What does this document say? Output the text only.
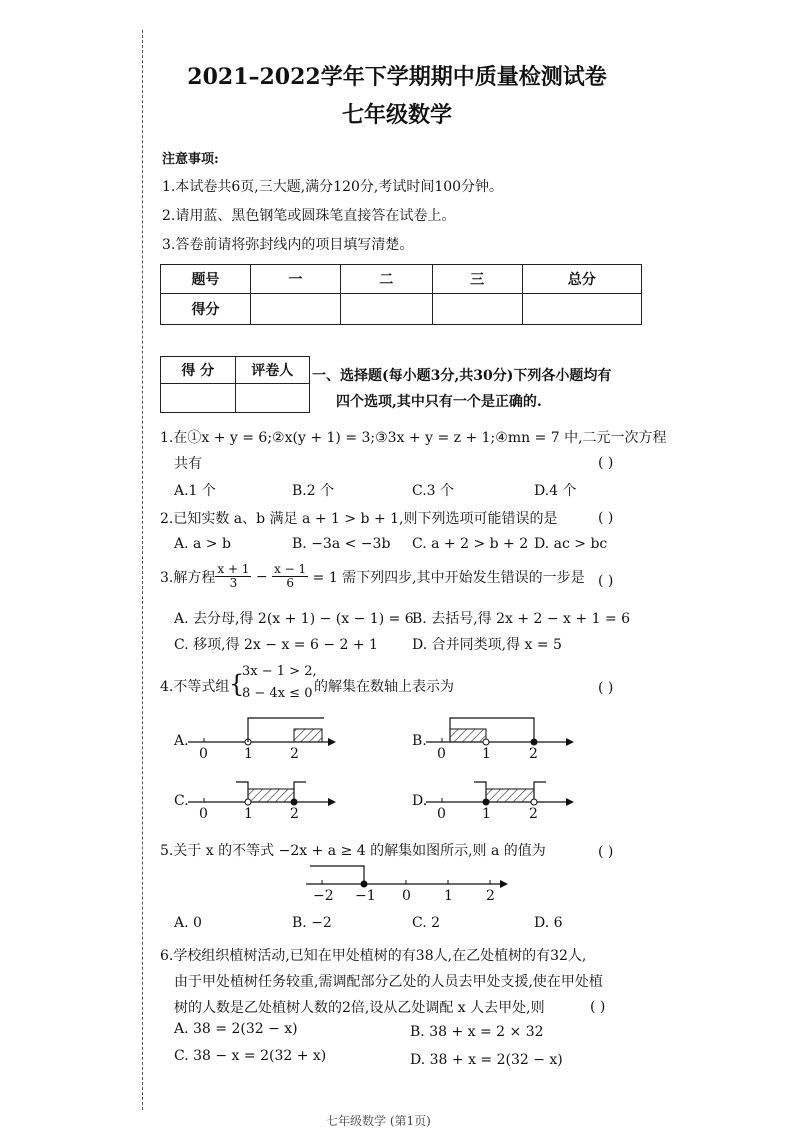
2021–2022学年下学期期中质量检测试卷
七年级数学
注意事项:
1.本试卷共6页,三大题,满分120分,考试时间100分钟。
2.请用蓝、黑色钢笔或圆珠笔直接答在试卷上。
3.答卷前请将弥封线内的项目填写清楚。
题号	一	二	三	总分
得分				
得 分	评卷人
	一、选择题(每小题3分,共30分)下列各小题均有
四个选项,其中只有一个是正确的.
1.在①x + y = 6;②x(y + 1) = 3;③3x + y = z + 1;④mn = 7 中,二元一次方程
共有	( )
A.1 个	B.2 个	C.3 个	D.4 个
2.已知实数 a、b 满足 a + 1 > b + 1,则下列选项可能错误的是	( )
A. a > b	B. −3a < −3b C. a + 2 > b + 2 D. ac > bc
3.解方程 $\frac{x + 1}{3} - \frac{x - 1}{6} = 1$ 需下列四步,其中开始发生错误的一步是 ( )
A. 去分母,得 2(x + 1) − (x − 1) = 6
B. 去括号,得 2x + 2 − x + 1 = 6
C. 移项,得 2x − x = 6 − 2 + 1 D. 合并同类项,得 x = 5
4.不等式组 {
3x − 1 > 2,
8 − 4x ≤ 0 的解集在数轴上表示为	( )
A.
0	1	2
B.
0	1	2
C.
0	1	2
D.
0	1	2
5.关于 x 的不等式 −2x + a ≥ 4 的解集如图所示,则 a 的值为	( )
−2 −1 0 1 2
A. 0	B. −2	C. 2	D. 6
6.学校组织植树活动,已知在甲处植树的有38人,在乙处植树的有32人,
由于甲处植树任务较重,需调配部分乙处的人员去甲处支援,使在甲处植
树的人数是乙处植树人数的2倍,设从乙处调配 x 人去甲处,则	( )
A. 38 = 2(32 − x)	B. 38 + x = 2 × 32
C. 38 − x = 2(32 + x)	D. 38 + x = 2(32 − x)
七年级数学 (第1页)
